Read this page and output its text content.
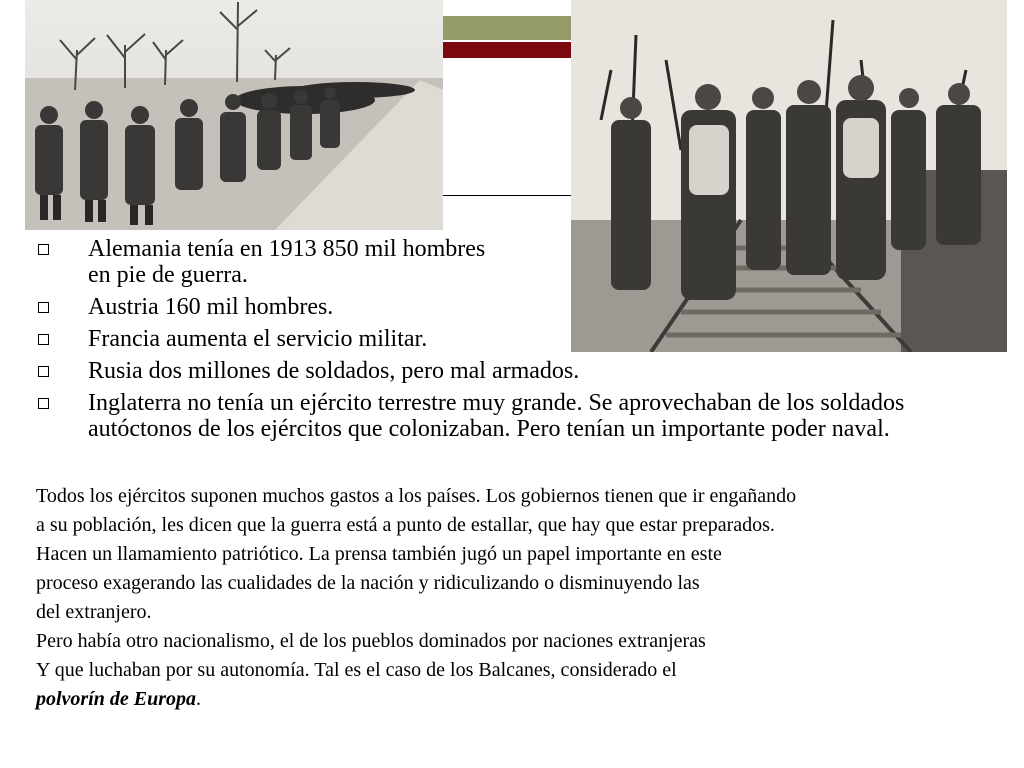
Alemania tenía en 1913 850 mil hombres
en pie de guerra.
Austria 160 mil hombres.
Francia aumenta el servicio militar.
Rusia dos millones de soldados, pero mal armados.
Inglaterra no tenía un ejército terrestre muy grande. Se aprovechaban de los soldados autóctonos de los ejércitos que colonizaban. Pero tenían un importante poder naval.
Todos los ejércitos suponen muchos gastos a los países. Los gobiernos tienen que ir engañando
a su población, les dicen que la guerra está a punto de estallar, que hay que estar preparados.
Hacen un llamamiento patriótico. La prensa también jugó un papel importante en este
proceso exagerando las cualidades de la nación y ridiculizando o disminuyendo las
del extranjero.
Pero había otro nacionalismo, el de los pueblos dominados por naciones extranjeras
Y que luchaban por su autonomía. Tal es el caso de los Balcanes, considerado el
polvorín de Europa.
